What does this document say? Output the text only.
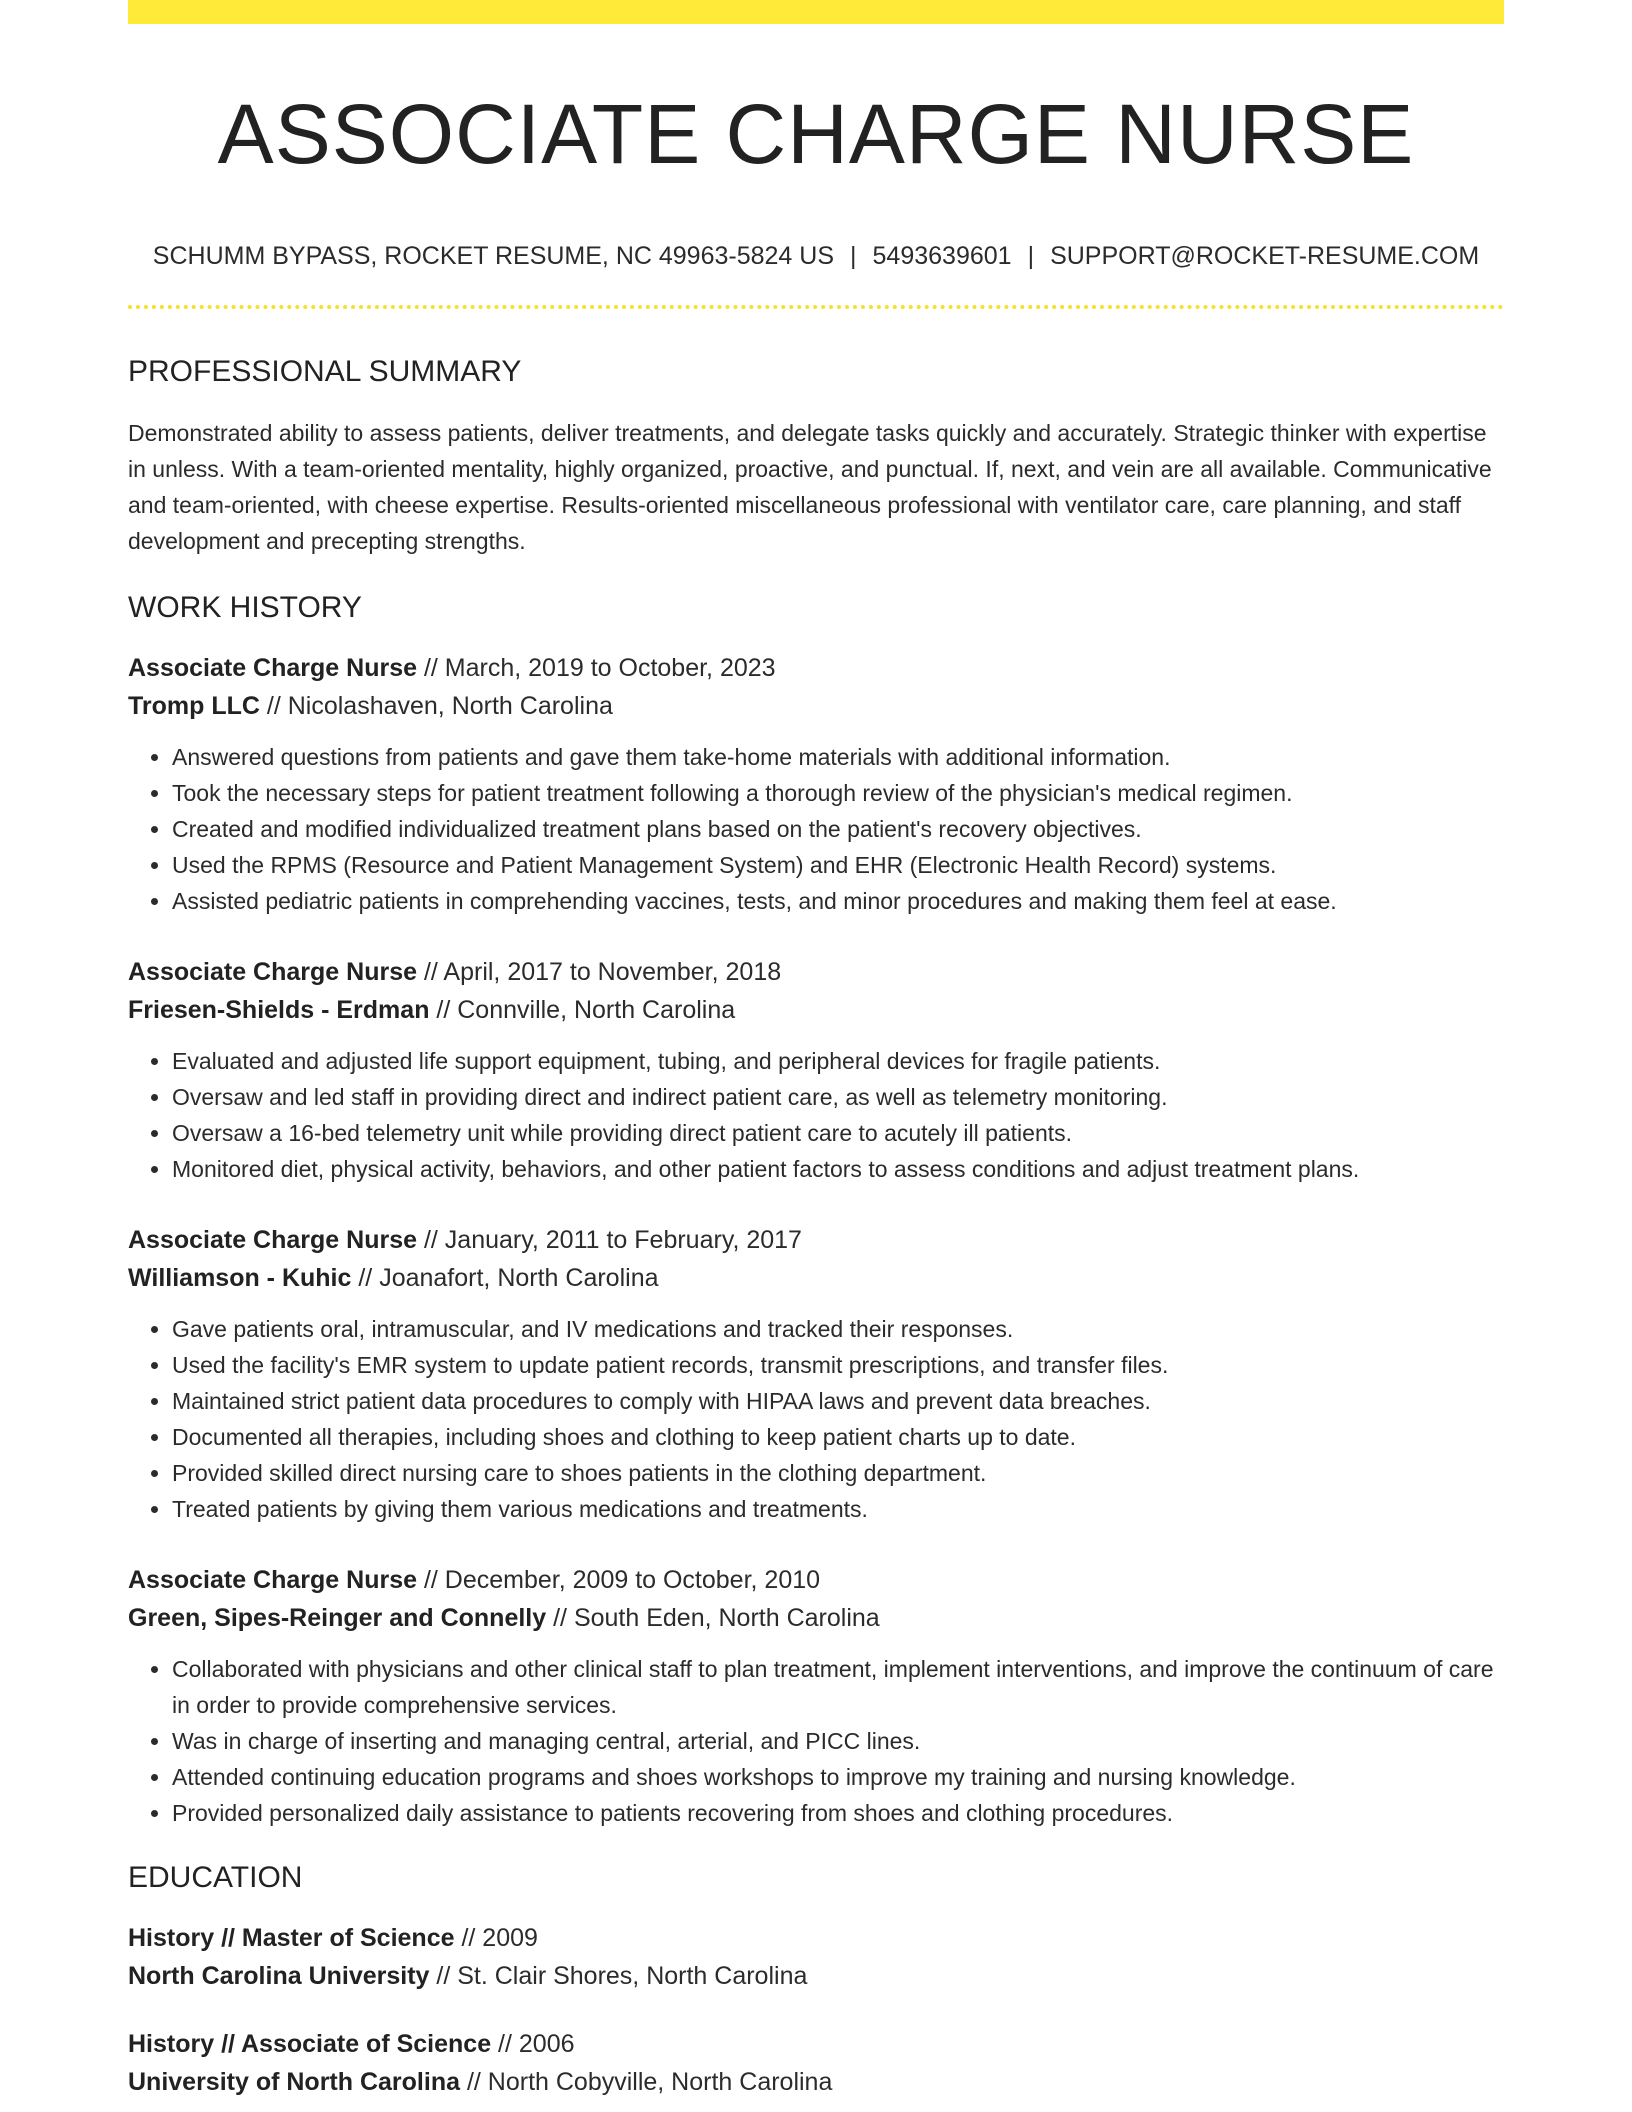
ASSOCIATE CHARGE NURSE
SCHUMM BYPASS, ROCKET RESUME, NC 49963-5824 US | 5493639601 | SUPPORT@ROCKET-RESUME.COM
PROFESSIONAL SUMMARY
Demonstrated ability to assess patients, deliver treatments, and delegate tasks quickly and accurately. Strategic thinker with expertise in unless. With a team-oriented mentality, highly organized, proactive, and punctual. If, next, and vein are all available. Communicative and team-oriented, with cheese expertise. Results-oriented miscellaneous professional with ventilator care, care planning, and staff development and precepting strengths.
WORK HISTORY
Associate Charge Nurse // March, 2019 to October, 2023
Tromp LLC // Nicolashaven, North Carolina
• Answered questions from patients and gave them take-home materials with additional information.
• Took the necessary steps for patient treatment following a thorough review of the physician's medical regimen.
• Created and modified individualized treatment plans based on the patient's recovery objectives.
• Used the RPMS (Resource and Patient Management System) and EHR (Electronic Health Record) systems.
• Assisted pediatric patients in comprehending vaccines, tests, and minor procedures and making them feel at ease.
Associate Charge Nurse // April, 2017 to November, 2018
Friesen-Shields - Erdman // Connville, North Carolina
• Evaluated and adjusted life support equipment, tubing, and peripheral devices for fragile patients.
• Oversaw and led staff in providing direct and indirect patient care, as well as telemetry monitoring.
• Oversaw a 16-bed telemetry unit while providing direct patient care to acutely ill patients.
• Monitored diet, physical activity, behaviors, and other patient factors to assess conditions and adjust treatment plans.
Associate Charge Nurse // January, 2011 to February, 2017
Williamson - Kuhic // Joanafort, North Carolina
• Gave patients oral, intramuscular, and IV medications and tracked their responses.
• Used the facility's EMR system to update patient records, transmit prescriptions, and transfer files.
• Maintained strict patient data procedures to comply with HIPAA laws and prevent data breaches.
• Documented all therapies, including shoes and clothing to keep patient charts up to date.
• Provided skilled direct nursing care to shoes patients in the clothing department.
• Treated patients by giving them various medications and treatments.
Associate Charge Nurse // December, 2009 to October, 2010
Green, Sipes-Reinger and Connelly // South Eden, North Carolina
• Collaborated with physicians and other clinical staff to plan treatment, implement interventions, and improve the continuum of care in order to provide comprehensive services.
• Was in charge of inserting and managing central, arterial, and PICC lines.
• Attended continuing education programs and shoes workshops to improve my training and nursing knowledge.
• Provided personalized daily assistance to patients recovering from shoes and clothing procedures.
EDUCATION
History // Master of Science // 2009
North Carolina University // St. Clair Shores, North Carolina
History // Associate of Science // 2006
University of North Carolina // North Cobyville, North Carolina
